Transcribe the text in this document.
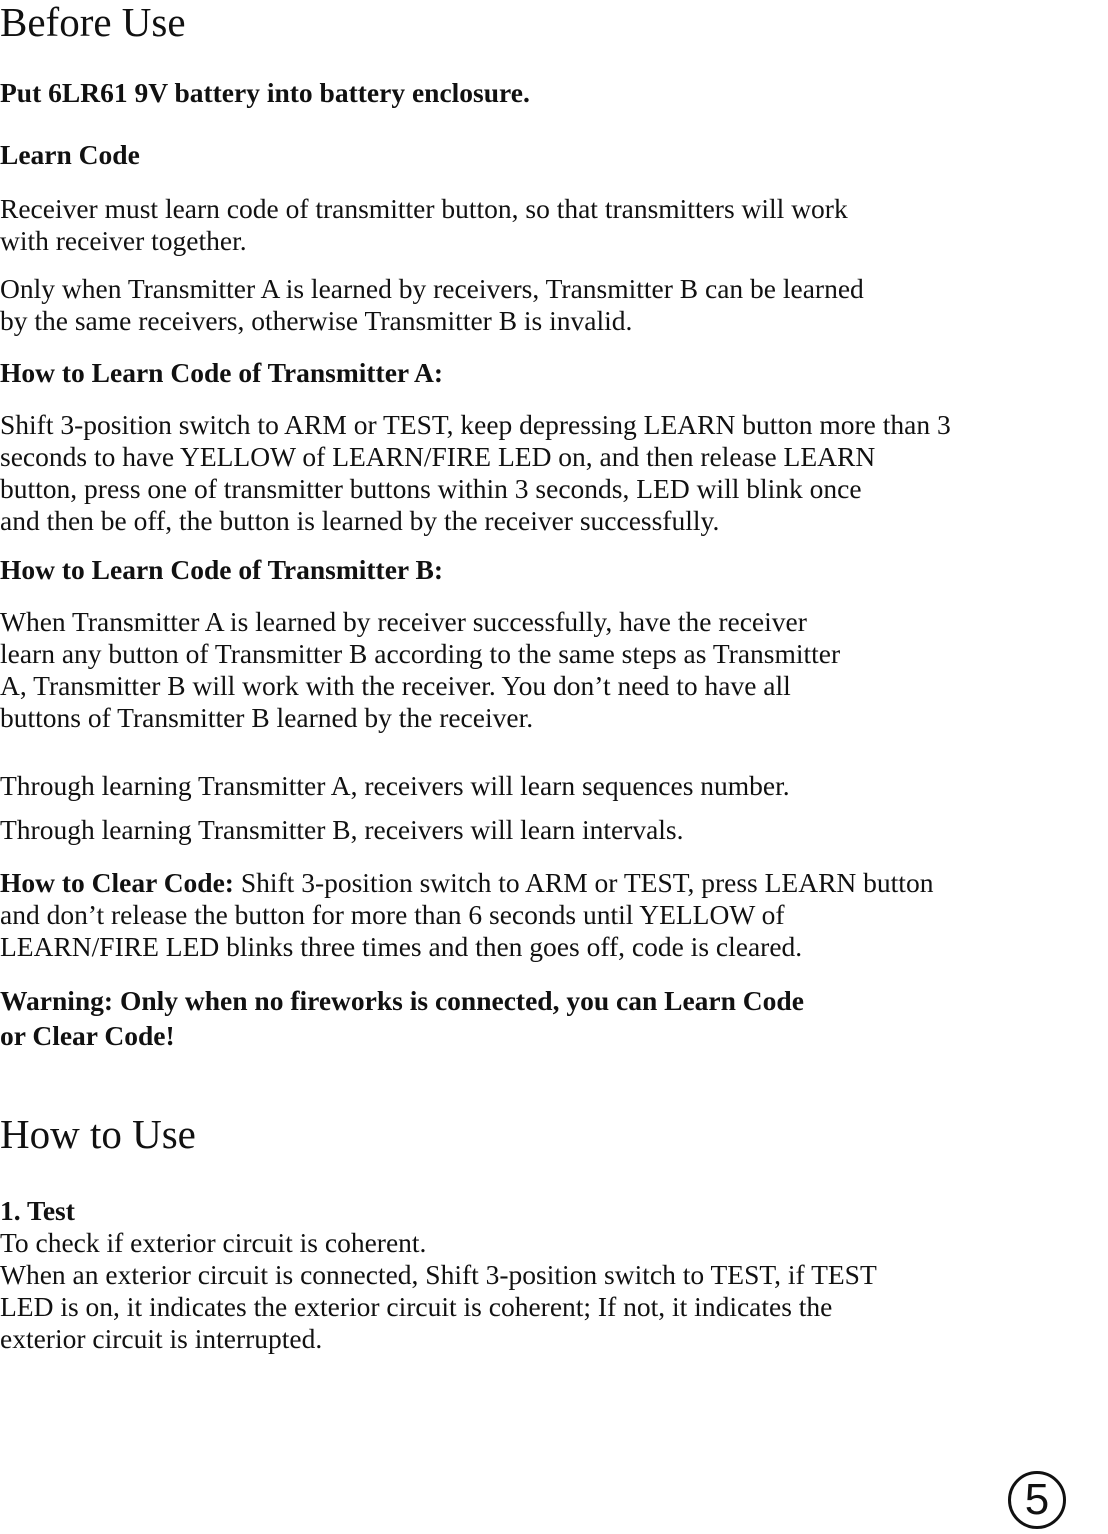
Before Use

Put 6LR61 9V battery into battery enclosure.

Learn Code

Receiver must learn code of transmitter button, so that transmitters will work
with receiver together.

Only when Transmitter A is learned by receivers, Transmitter B can be learned
by the same receivers, otherwise Transmitter B is invalid.

How to Learn Code of Transmitter A:

Shift 3-position switch to ARM or TEST, keep depressing LEARN button more than 3
seconds to have YELLOW of LEARN/FIRE LED on, and then release LEARN
button, press one of transmitter buttons within 3 seconds, LED will blink once
and then be off, the button is learned by the receiver successfully.

How to Learn Code of Transmitter B:

When Transmitter A is learned by receiver successfully, have the receiver
learn any button of Transmitter B according to the same steps as Transmitter
A, Transmitter B will work with the receiver. You don’t need to have all
buttons of Transmitter B learned by the receiver.

Through learning Transmitter A, receivers will learn sequences number.

Through learning Transmitter B, receivers will learn intervals.

How to Clear Code: Shift 3-position switch to ARM or TEST, press LEARN button
and don’t release the button for more than 6 seconds until YELLOW of
LEARN/FIRE LED blinks three times and then goes off, code is cleared.

Warning: Only when no fireworks is connected, you can Learn Code
or Clear Code!

How to Use
1. Test

To check if exterior circuit is coherent.
When an exterior circuit is connected, Shift 3-position switch to TEST, if TEST
LED is on, it indicates the exterior circuit is coherent; If not, it indicates the
exterior circuit is interrupted.

5
